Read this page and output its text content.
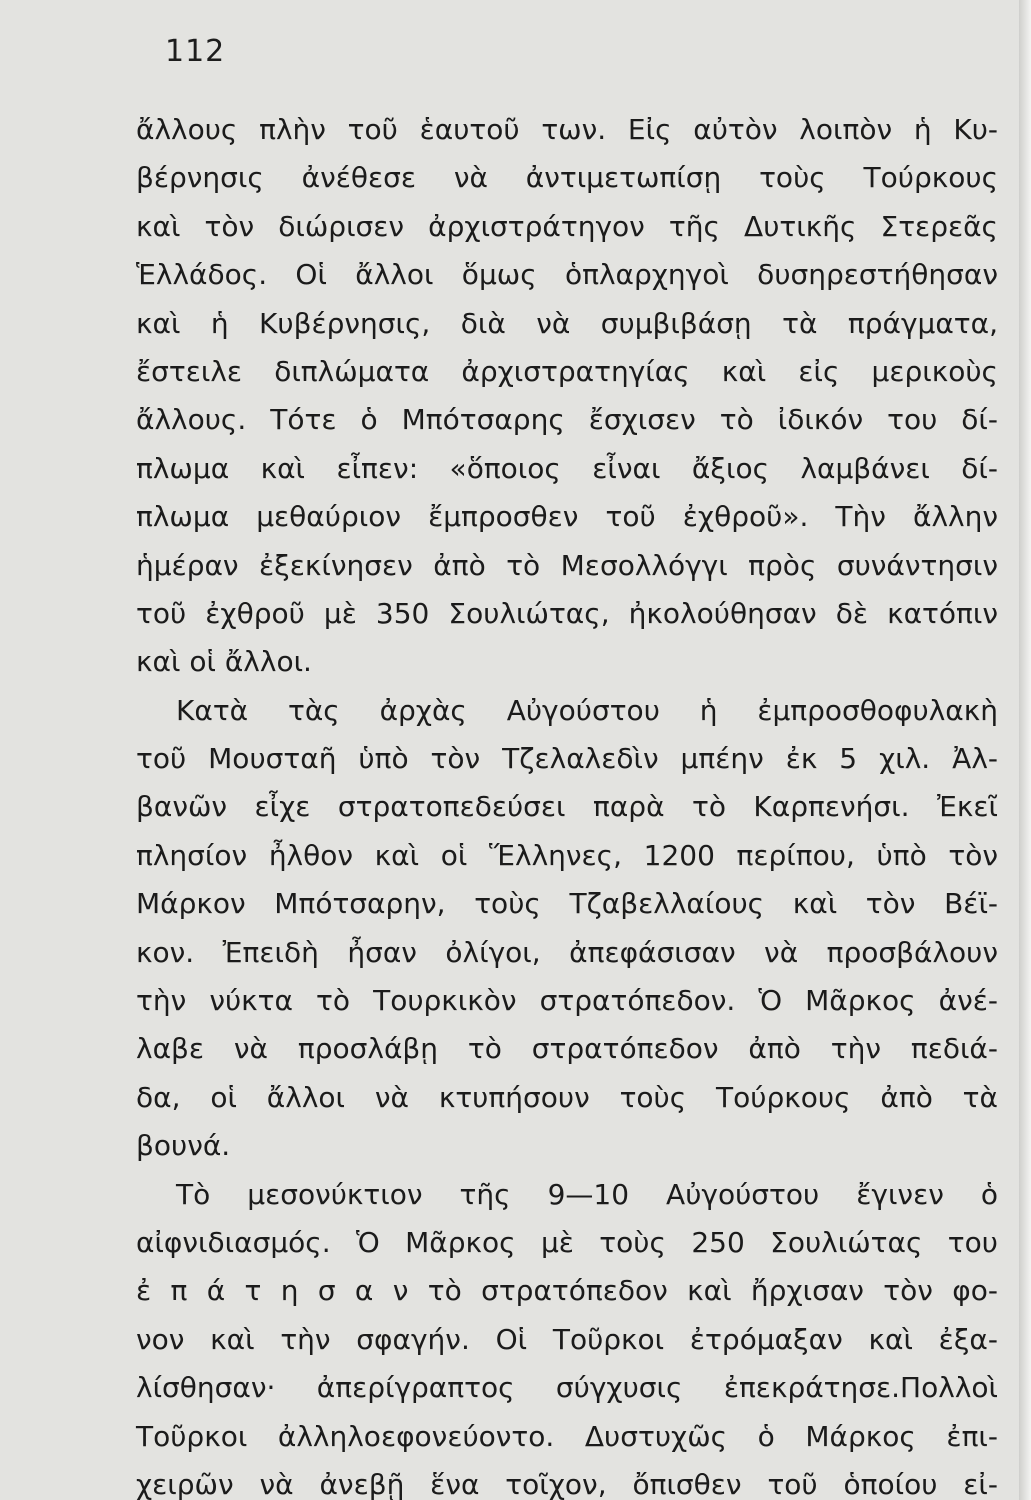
112
ἄλλους πλὴν τοῦ ἑαυτοῦ των. Εἰς αὐτὸν λοιπὸν ἡ Κυ-
βέρνησις ἀνέθεσε νὰ ἀντιμετωπίσῃ τοὺς Τούρκους
καὶ τὸν διώρισεν ἀρχιστράτηγον τῆς Δυτικῆς Στερεᾶς
Ἑλλάδος. Οἱ ἄλλοι ὅμως ὁπλαρχηγοὶ δυσηρεστήθησαν
καὶ ἡ Κυβέρνησις, διὰ νὰ συμβιβάσῃ τὰ πράγματα,
ἔστειλε διπλώματα ἀρχιστρατηγίας καὶ εἰς μερικοὺς
ἄλλους. Τότε ὁ Μπότσαρης ἔσχισεν τὸ ἰδικόν του δί-
πλωμα καὶ εἶπεν: «ὅποιος εἶναι ἄξιος λαμβάνει δί-
πλωμα μεθαύριον ἔμπροσθεν τοῦ ἐχθροῦ». Τὴν ἄλλην
ἡμέραν ἐξεκίνησεν ἀπὸ τὸ Μεσολλόγγι πρὸς συνάντησιν
τοῦ ἐχθροῦ μὲ 350 Σουλιώτας, ἠκολούθησαν δὲ κατόπιν
καὶ οἱ ἄλλοι.
Κατὰ τὰς ἀρχὰς Αὐγούστου ἡ ἐμπροσθοφυλακὴ
τοῦ Μουσταῆ ὑπὸ τὸν Τζελαλεδὶν μπέην ἐκ 5 χιλ. Ἀλ-
βανῶν εἶχε στρατοπεδεύσει παρὰ τὸ Καρπενήσι. Ἐκεῖ
πλησίον ἦλθον καὶ οἱ Ἕλληνες, 1200 περίπου, ὑπὸ τὸν
Μάρκον Μπότσαρην, τοὺς Τζαβελλαίους καὶ τὸν Βέϊ-
κον. Ἐπειδὴ ἦσαν ὀλίγοι, ἀπεφάσισαν νὰ προσβάλουν
τὴν νύκτα τὸ Τουρκικὸν στρατόπεδον. Ὁ Μᾶρκος ἀνέ-
λαβε νὰ προσλάβῃ τὸ στρατόπεδον ἀπὸ τὴν πεδιά-
δα, οἱ ἄλλοι νὰ κτυπήσουν τοὺς Τούρκους ἀπὸ τὰ
βουνά.
Τὸ μεσονύκτιον τῆς 9—10 Αὐγούστου ἔγινεν ὁ
αἰφνιδιασμός. Ὁ Μᾶρκος μὲ τοὺς 250 Σουλιώτας του
ἐ π ά τ η σ α ν τὸ στρατόπεδον καὶ ἤρχισαν τὸν φο-
νον καὶ τὴν σφαγήν. Οἱ Τοῦρκοι ἐτρόμαξαν καὶ ἐξα-
λίσθησαν· ἀπερίγραπτος σύγχυσις ἐπεκράτησε.Πολλοὶ
Τοῦρκοι ἀλληλοεφονεύοντο. Δυστυχῶς ὁ Μάρκος ἐπι-
χειρῶν νὰ ἀνεβῇ ἕνα τοῖχον, ὄπισθεν τοῦ ὁποίου εἰ-
